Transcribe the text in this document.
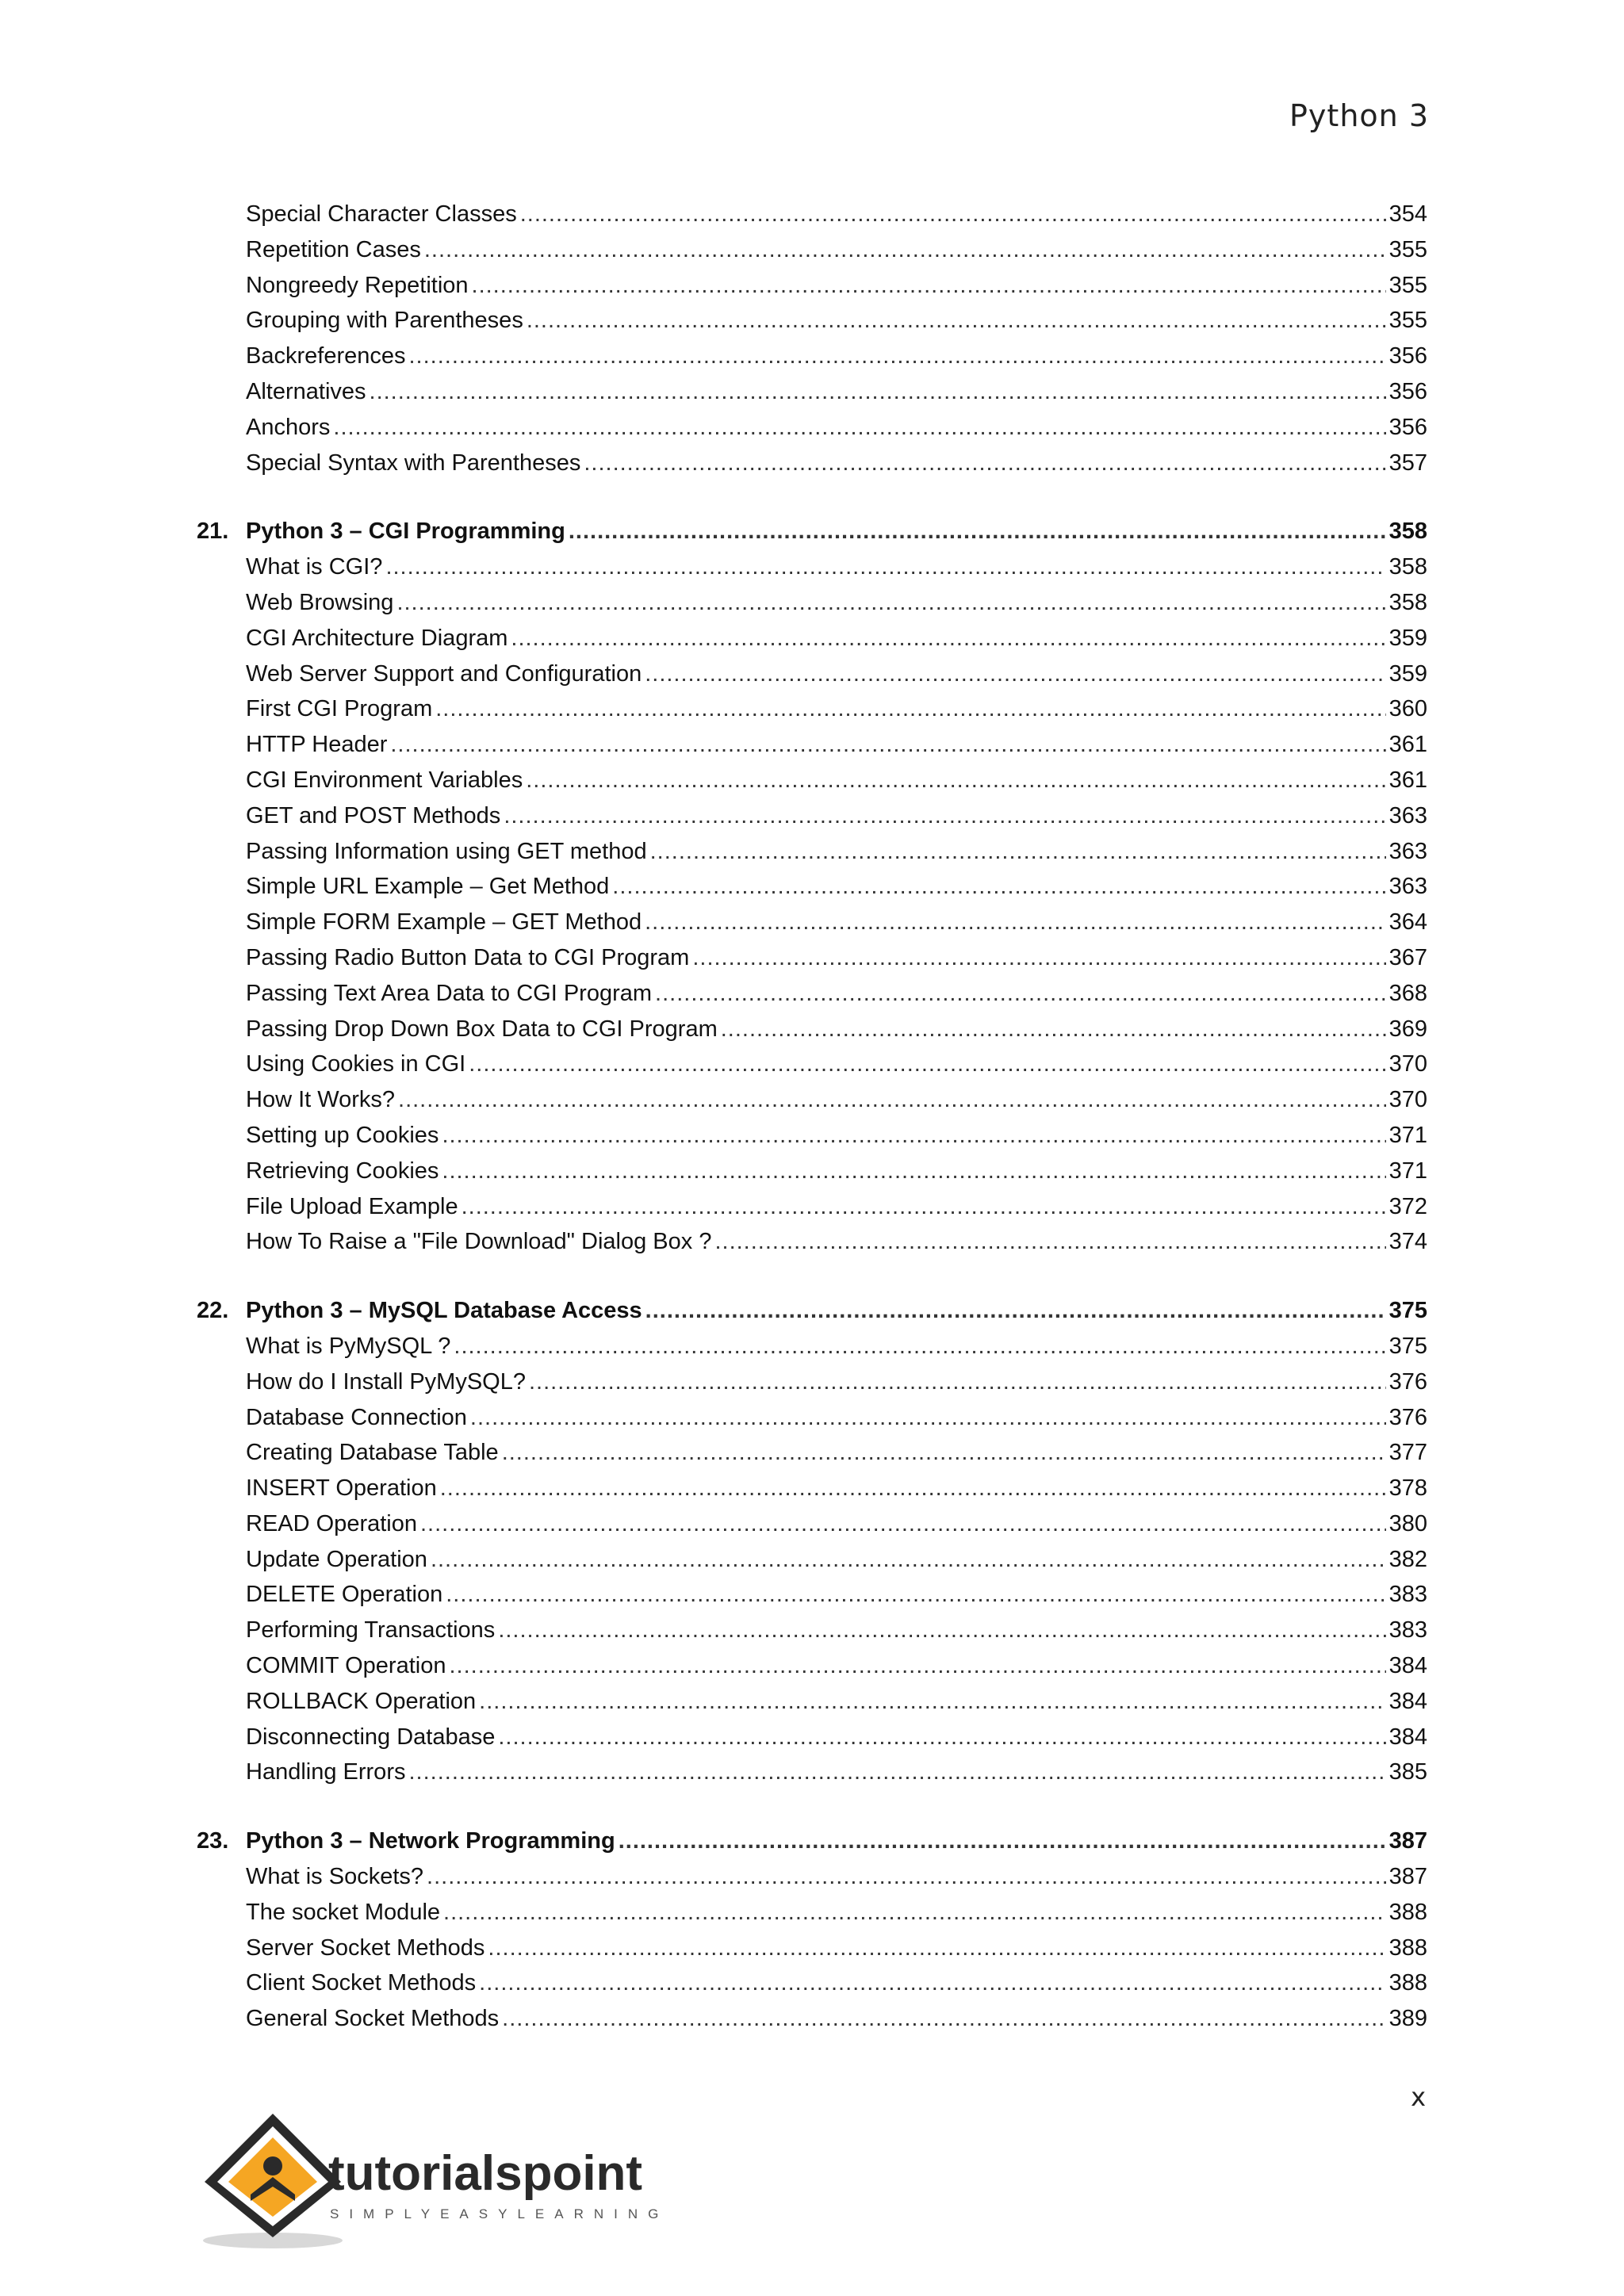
Python 3
Special Character Classes .....	354
Repetition Cases .....	355
Nongreedy Repetition .....	355
Grouping with Parentheses .....	355
Backreferences .....	356
Alternatives .....	356
Anchors .....	356
Special Syntax with Parentheses .....	357
21. Python 3 – CGI Programming .....	358
What is CGI? .....	358
Web Browsing .....	358
CGI Architecture Diagram .....	359
Web Server Support and Configuration .....	359
First CGI Program .....	360
HTTP Header .....	361
CGI Environment Variables .....	361
GET and POST Methods .....	363
Passing Information using GET method .....	363
Simple URL Example – Get Method .....	363
Simple FORM Example – GET Method .....	364
Passing Radio Button Data to CGI Program .....	367
Passing Text Area Data to CGI Program .....	368
Passing Drop Down Box Data to CGI Program .....	369
Using Cookies in CGI .....	370
How It Works? .....	370
Setting up Cookies .....	371
Retrieving Cookies .....	371
File Upload Example .....	372
How To Raise a "File Download" Dialog Box ? .....	374
22. Python 3 – MySQL Database Access .....	375
What is PyMySQL ? .....	375
How do I Install PyMySQL? .....	376
Database Connection .....	376
Creating Database Table .....	377
INSERT Operation .....	378
READ Operation .....	380
Update Operation .....	382
DELETE Operation .....	383
Performing Transactions .....	383
COMMIT Operation .....	384
ROLLBACK Operation .....	384
Disconnecting Database .....	384
Handling Errors .....	385
23. Python 3 – Network Programming .....	387
What is Sockets? .....	387
The socket Module .....	388
Server Socket Methods .....	388
Client Socket Methods .....	388
General Socket Methods .....	389
x
tutorialspoint
SIMPLYEASYLEARNING
